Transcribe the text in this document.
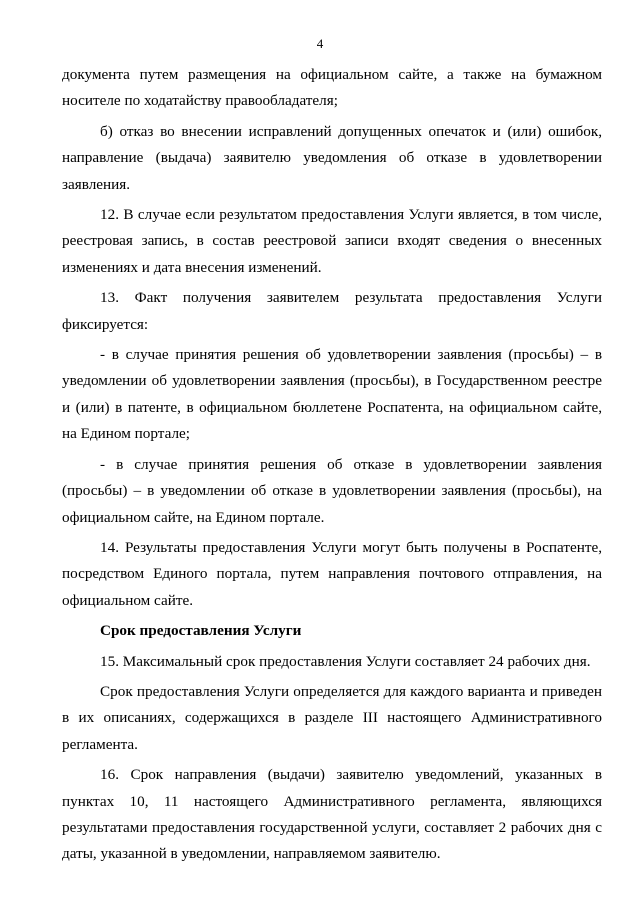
4

документа путем размещения на официальном сайте, а также на бумажном носителе по ходатайству правообладателя;

б) отказ во внесении исправлений допущенных опечаток и (или) ошибок, направление (выдача) заявителю уведомления об отказе в удовлетворении заявления.

12. В случае если результатом предоставления Услуги является, в том числе, реестровая запись, в состав реестровой записи входят сведения о внесенных изменениях и дата внесения изменений.

13. Факт получения заявителем результата предоставления Услуги фиксируется:

- в случае принятия решения об удовлетворении заявления (просьбы) – в уведомлении об удовлетворении заявления (просьбы), в Государственном реестре и (или) в патенте, в официальном бюллетене Роспатента, на официальном сайте, на Едином портале;

- в случае принятия решения об отказе в удовлетворении заявления (просьбы) – в уведомлении об отказе в удовлетворении заявления (просьбы), на официальном сайте, на Едином портале.

14. Результаты предоставления Услуги могут быть получены в Роспатенте, посредством Единого портала, путем направления почтового отправления, на официальном сайте.

Срок предоставления Услуги

15. Максимальный срок предоставления Услуги составляет 24 рабочих дня.

Срок предоставления Услуги определяется для каждого варианта и приведен в их описаниях, содержащихся в разделе III настоящего Административного регламента.

16. Срок направления (выдачи) заявителю уведомлений, указанных в пунктах 10, 11 настоящего Административного регламента, являющихся результатами предоставления государственной услуги, составляет 2 рабочих дня с даты, указанной в уведомлении, направляемом заявителю.
